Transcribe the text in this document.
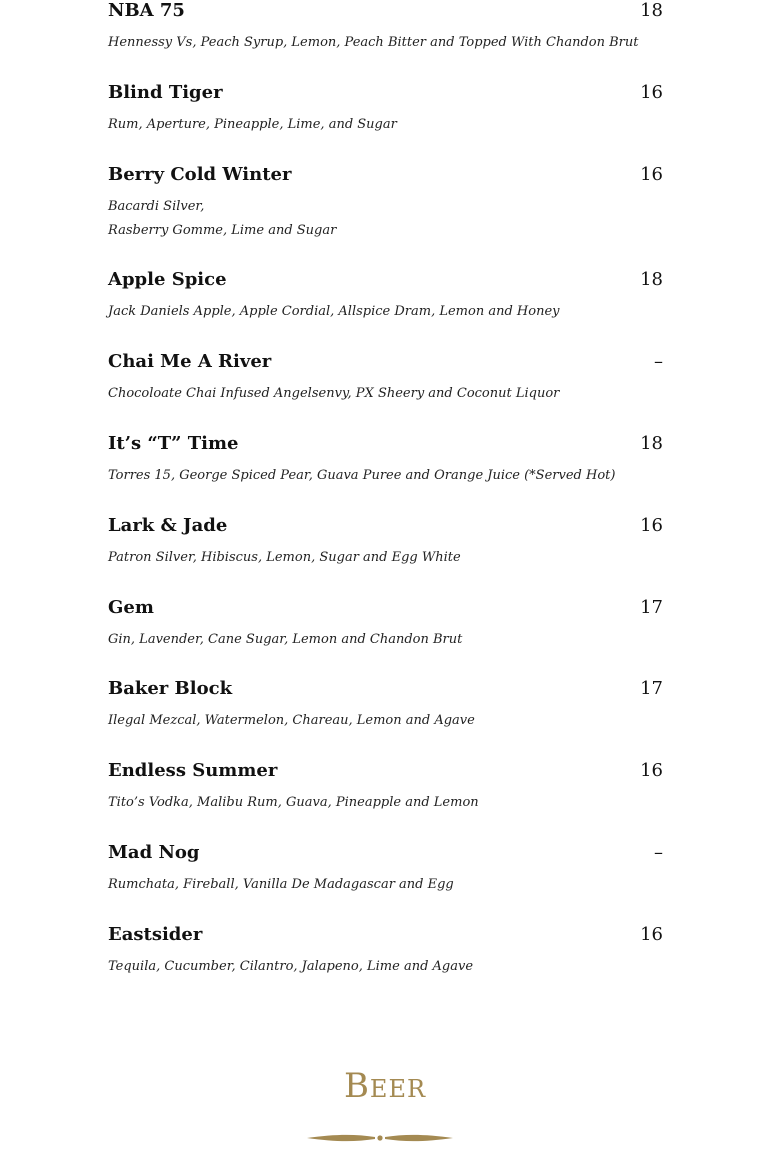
NBA 75	18
Hennessy Vs, Peach Syrup, Lemon, Peach Bitter and Topped With Chandon Brut
Blind Tiger	16
Rum, Aperture, Pineapple, Lime, and Sugar
Berry Cold Winter	16
Bacardi Silver,
Rasberry Gomme, Lime and Sugar
Apple Spice	18
Jack Daniels Apple, Apple Cordial, Allspice Dram, Lemon and Honey
Chai Me A River	–
Chocoloate Chai Infused Angelsenvy, PX Sheery and Coconut Liquor
It’s “T” Time	18
Torres 15, George Spiced Pear, Guava Puree and Orange Juice (*Served Hot)
Lark & Jade	16
Patron Silver, Hibiscus, Lemon, Sugar and Egg White
Gem	17
Gin, Lavender, Cane Sugar, Lemon and Chandon Brut
Baker Block	17
Ilegal Mezcal, Watermelon, Chareau, Lemon and Agave
Endless Summer	16
Tito’s Vodka, Malibu Rum, Guava, Pineapple and Lemon
Mad Nog	–
Rumchata, Fireball, Vanilla De Madagascar and Egg
Eastsider	16
Tequila, Cucumber, Cilantro, Jalapeno, Lime and Agave
Beer
